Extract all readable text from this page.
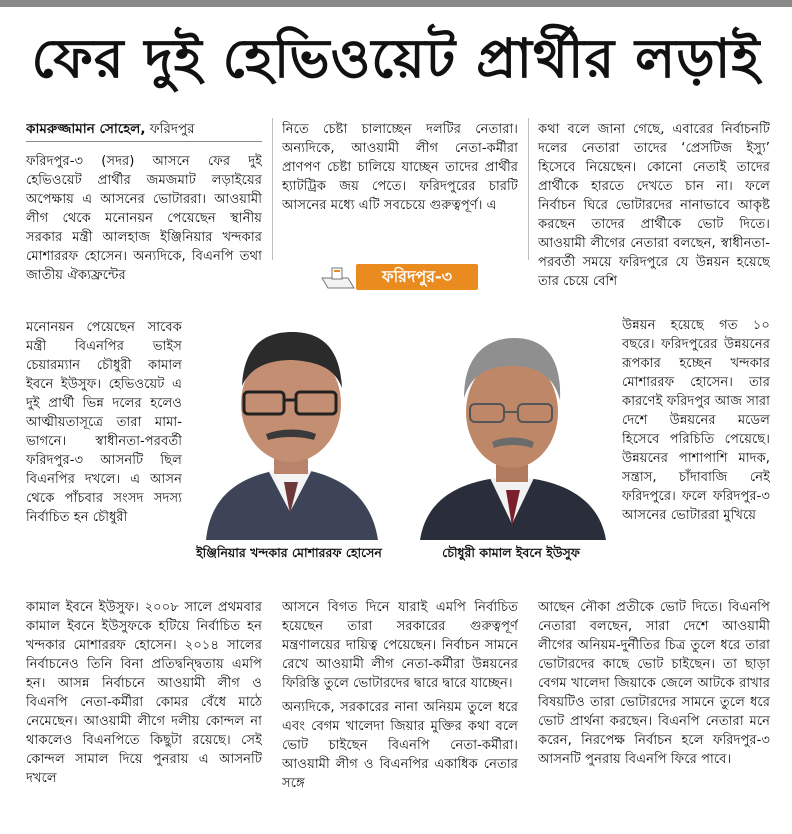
ফের দুই হেভিওয়েট প্রার্থীর লড়াই
কামরুজ্জামান সোহেল, ফরিদপুর

ফরিদপুর-৩ (সদর) আসনে ফের দুই হেভিওয়েট প্রার্থীর জমজমাট লড়াইয়ের অপেক্ষায় এ আসনের ভোটাররা। আওয়ামী লীগ থেকে মনোনয়ন পেয়েছেন স্থানীয় সরকার মন্ত্রী আলহাজ ইঞ্জিনিয়ার খন্দকার মোশাররফ হোসেন। অন্যদিকে, বিএনপি তথা জাতীয় ঐক্যফ্রন্টের

মনোনয়ন পেয়েছেন সাবেক মন্ত্রী বিএনপির ভাইস চেয়ারম্যান চৌধুরী কামাল ইবনে ইউসুফ। হেভিওয়েট এ দুই প্রার্থী ভিন্ন দলের হলেও আত্মীয়তাসূত্রে তারা মামা-ভাগনে। স্বাধীনতা-পরবর্তী ফরিদপুর-৩ আসনটি ছিল বিএনপির দখলে। এ আসন থেকে পাঁচবার সংসদ সদস্য নির্বাচিত হন চৌধুরী

কামাল ইবনে ইউসুফ। ২০০৮ সালে প্রথমবার কামাল ইবনে ইউসুফকে হটিয়ে নির্বাচিত হন খন্দকার মোশাররফ হোসেন। ২০১৪ সালের নির্বাচনেও তিনি বিনা প্রতিদ্বন্দ্বিতায় এমপি হন। আসন্ন নির্বাচনে আওয়ামী লীগ ও বিএনপি নেতা-কর্মীরা কোমর বেঁধে মাঠে নেমেছেন। আওয়ামী লীগে দলীয় কোন্দল না থাকলেও বিএনপিতে কিছুটা রয়েছে। সেই কোন্দল সামাল দিয়ে পুনরায় এ আসনটি দখলে

নিতে চেষ্টা চালাচ্ছেন দলটির নেতারা। অন্যদিকে, আওয়ামী লীগ নেতা-কর্মীরা প্রাণপণ চেষ্টা চালিয়ে যাচ্ছেন তাদের প্রার্থীর হ্যাটট্রিক জয় পেতে। ফরিদপুরের চারটি আসনের মধ্যে এটি সবচেয়ে গুরুত্বপূর্ণ। এ

আসনে বিগত দিনে যারাই এমপি নির্বাচিত হয়েছেন তারা সরকারের গুরুত্বপূর্ণ মন্ত্রণালয়ের দায়িত্ব পেয়েছেন। নির্বাচন সামনে রেখে আওয়ামী লীগ নেতা-কর্মীরা উন্নয়নের ফিরিস্তি তুলে ভোটারদের দ্বারে দ্বারে যাচ্ছেন।

অন্যদিকে, সরকারের নানা অনিয়ম তুলে ধরে এবং বেগম খালেদা জিয়ার মুক্তির কথা বলে ভোট চাইছেন বিএনপি নেতা-কর্মীরা। আওয়ামী লীগ ও বিএনপির একাধিক নেতার সঙ্গে

কথা বলে জানা গেছে, এবারের নির্বাচনটি দলের নেতারা তাদের ‘প্রেসটিজ ইস্যু’ হিসেবে নিয়েছেন। কোনো নেতাই তাদের প্রার্থীকে হারতে দেখতে চান না। ফলে নির্বাচন ঘিরে ভোটারদের নানাভাবে আকৃষ্ট করছেন তাদের প্রার্থীকে ভোট দিতে। আওয়ামী লীগের নেতারা বলছেন, স্বাধীনতা-পরবর্তী সময়ে ফরিদপুরে যে উন্নয়ন হয়েছে তার চেয়ে বেশি

উন্নয়ন হয়েছে গত ১০ বছরে। ফরিদপুরের উন্নয়নের রূপকার হচ্ছেন খন্দকার মোশাররফ হোসেন। তার কারণেই ফরিদপুর আজ সারা দেশে উন্নয়নের মডেল হিসেবে পরিচিতি পেয়েছে। উন্নয়নের পাশাপাশি মাদক, সন্ত্রাস, চাঁদাবাজি নেই ফরিদপুরে। ফলে ফরিদপুর-৩ আসনের ভোটাররা মুখিয়ে

আছেন নৌকা প্রতীকে ভোট দিতে। বিএনপি নেতারা বলছেন, সারা দেশে আওয়ামী লীগের অনিয়ম-দুর্নীতির চিত্র তুলে ধরে তারা ভোটারদের কাছে ভোট চাইছেন। তা ছাড়া বেগম খালেদা জিয়াকে জেলে আটকে রাখার বিষয়টিও তারা ভোটারদের সামনে তুলে ধরে ভোট প্রার্থনা করছেন। বিএনপি নেতারা মনে করেন, নিরপেক্ষ নির্বাচন হলে ফরিদপুর-৩ আসনটি পুনরায় বিএনপি ফিরে পাবে।

ফরিদপুর-৩
ইঞ্জিনিয়ার খন্দকার মোশাররফ হোসেন	চৌধুরী কামাল ইবনে ইউসুফ
